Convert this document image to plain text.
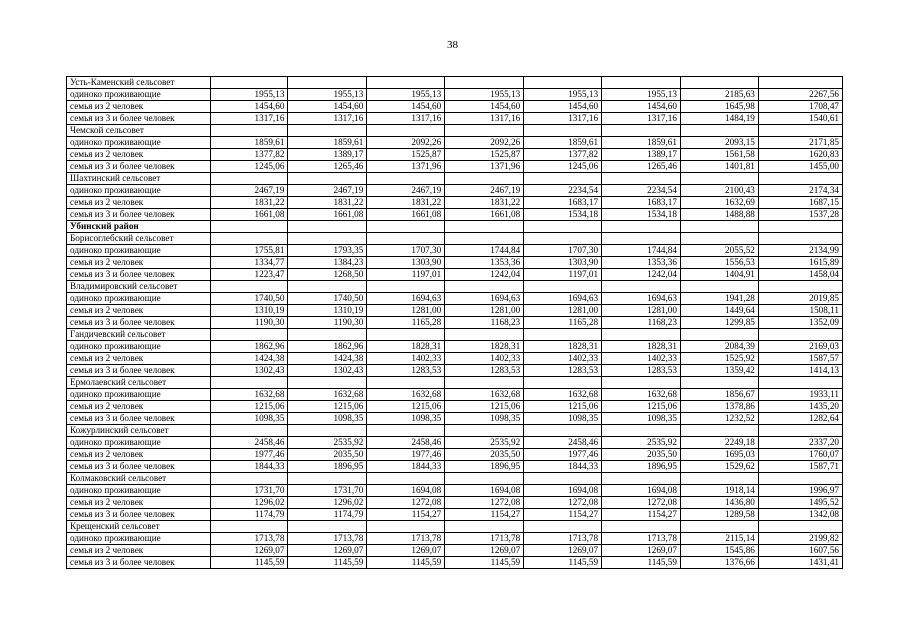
38
Усть-Каменский сельсовет								
одиноко проживающие	1955,13	1955,13	1955,13	1955,13	1955,13	1955,13	2185,63	2267,56
семья из 2 человек	1454,60	1454,60	1454,60	1454,60	1454,60	1454,60	1645,98	1708,47
семья из 3 и более человек	1317,16	1317,16	1317,16	1317,16	1317,16	1317,16	1484,19	1540,61
Чемской сельсовет								
одиноко проживающие	1859,61	1859,61	2092,26	2092,26	1859,61	1859,61	2093,15	2171,85
семья из 2 человек	1377,82	1389,17	1525,87	1525,87	1377,82	1389,17	1561,58	1620,83
семья из 3 и более человек	1245,06	1265,46	1371,96	1371,96	1245,06	1265,46	1401,81	1455,00
Шахтинский сельсовет								
одиноко проживающие	2467,19	2467,19	2467,19	2467,19	2234,54	2234,54	2100,43	2174,34
семья из 2 человек	1831,22	1831,22	1831,22	1831,22	1683,17	1683,17	1632,69	1687,15
семья из 3 и более человек	1661,08	1661,08	1661,08	1661,08	1534,18	1534,18	1488,88	1537,28
Убинский район								
Борисоглебский сельсовет								
одиноко проживающие	1755,81	1793,35	1707,30	1744,84	1707,30	1744,84	2055,52	2134,99
семья из 2 человек	1334,77	1384,23	1303,90	1353,36	1303,90	1353,36	1556,53	1615,89
семья из 3 и более человек	1223,47	1268,50	1197,01	1242,04	1197,01	1242,04	1404,91	1458,04
Владимировский сельсовет								
одиноко проживающие	1740,50	1740,50	1694,63	1694,63	1694,63	1694,63	1941,28	2019,85
семья из 2 человек	1310,19	1310,19	1281,00	1281,00	1281,00	1281,00	1449,64	1508,11
семья из 3 и более человек	1190,30	1190,30	1165,28	1168,23	1165,28	1168,23	1299,85	1352,09
Гандичевский сельсовет								
одиноко проживающие	1862,96	1862,96	1828,31	1828,31	1828,31	1828,31	2084,39	2169,03
семья из 2 человек	1424,38	1424,38	1402,33	1402,33	1402,33	1402,33	1525,92	1587,57
семья из 3 и более человек	1302,43	1302,43	1283,53	1283,53	1283,53	1283,53	1359,42	1414,13
Ермолаевский сельсовет								
одиноко проживающие	1632,68	1632,68	1632,68	1632,68	1632,68	1632,68	1856,67	1933,11
семья из 2 человек	1215,06	1215,06	1215,06	1215,06	1215,06	1215,06	1378,86	1435,20
семья из 3 и более человек	1098,35	1098,35	1098,35	1098,35	1098,35	1098,35	1232,52	1282,64
Кожурлинский сельсовет								
одиноко проживающие	2458,46	2535,92	2458,46	2535,92	2458,46	2535,92	2249,18	2337,20
семья из 2 человек	1977,46	2035,50	1977,46	2035,50	1977,46	2035,50	1695,03	1760,07
семья из 3 и более человек	1844,33	1896,95	1844,33	1896,95	1844,33	1896,95	1529,62	1587,71
Колмаковский сельсовет								
одиноко проживающие	1731,70	1731,70	1694,08	1694,08	1694,08	1694,08	1918,14	1996,97
семья из 2 человек	1296,02	1296,02	1272,08	1272,08	1272,08	1272,08	1436,80	1495,52
семья из 3 и более человек	1174,79	1174,79	1154,27	1154,27	1154,27	1154,27	1289,58	1342,08
Крещенский сельсовет								
одиноко проживающие	1713,78	1713,78	1713,78	1713,78	1713,78	1713,78	2115,14	2199,82
семья из 2 человек	1269,07	1269,07	1269,07	1269,07	1269,07	1269,07	1545,86	1607,56
семья из 3 и более человек	1145,59	1145,59	1145,59	1145,59	1145,59	1145,59	1376,66	1431,41
